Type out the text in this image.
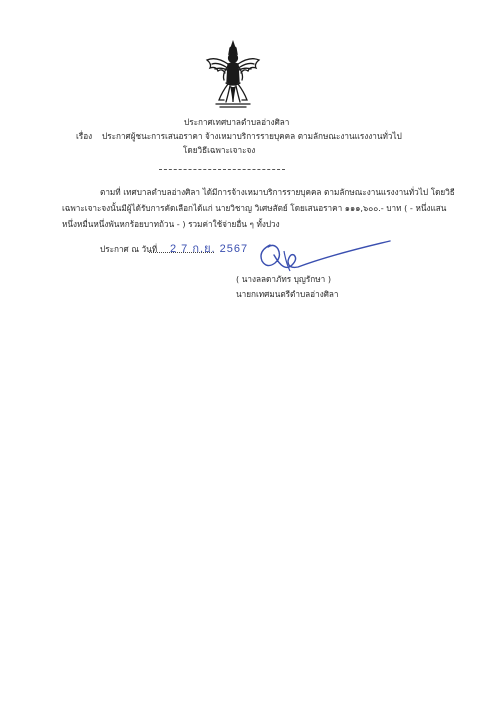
ประกาศเทศบาลตำบลอ่างศิลา
เรื่อง ประกาศผู้ชนะการเสนอราคา จ้างเหมาบริการรายบุคคล ตามลักษณะงานแรงงานทั่วไป
โดยวิธีเฉพาะเจาะจง
ตามที่ เทศบาลตำบลอ่างศิลา ได้มีการจ้างเหมาบริการรายบุคคล ตามลักษณะงานแรงงานทั่วไป โดยวิธี
เฉพาะเจาะจงนั้นมีผู้ได้รับการคัดเลือกได้แก่ นายวิชาญ วิเศษสัตย์ โดยเสนอราคา ๑๑๑,๖๐๐.- บาท ( - หนึ่งแสน
หนึ่งหมื่นหนึ่งพันหกร้อยบาทถ้วน - ) รวมค่าใช้จ่ายอื่น ๆ ทั้งปวง
ประกาศ ณ วันที่ 2 7 ก.ย. 2567
( นางลลดาภัทร บุญรักษา )
นายกเทศมนตรีตำบลอ่างศิลา
